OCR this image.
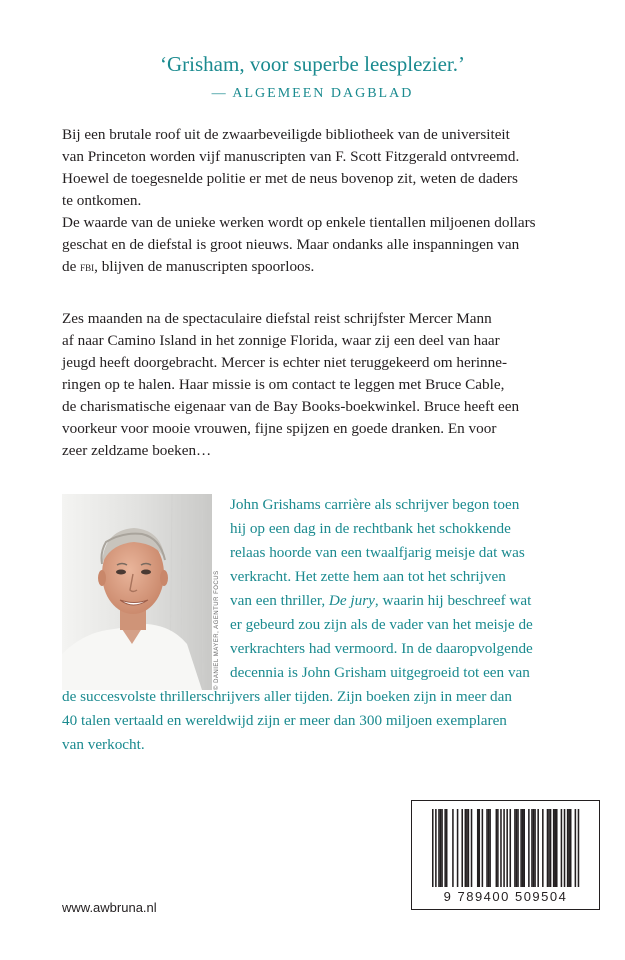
‘Grisham, voor superbe leesplezier.’
— ALGEMEEN DAGBLAD
Bij een brutale roof uit de zwaarbeveiligde bibliotheek van de universiteit
van Princeton worden vijf manuscripten van F. Scott Fitzgerald ontvreemd.
Hoewel de toegesnelde politie er met de neus bovenop zit, weten de daders
te ontkomen.
De waarde van de unieke werken wordt op enkele tientallen miljoenen dollars
geschat en de diefstal is groot nieuws. Maar ondanks alle inspanningen van
de fbi, blijven de manuscripten spoorloos.
Zes maanden na de spectaculaire diefstal reist schrijfster Mercer Mann
af naar Camino Island in het zonnige Florida, waar zij een deel van haar
jeugd heeft doorgebracht. Mercer is echter niet teruggekeerd om herinne-
ringen op te halen. Haar missie is om contact te leggen met Bruce Cable,
de charismatische eigenaar van de Bay Books-boekwinkel. Bruce heeft een
voorkeur voor mooie vrouwen, fijne spijzen en goede dranken. En voor
zeer zeldzame boeken…
© DANIEL MAYER, AGENTUR FOCUS
John Grishams carrière als schrijver begon toen
hij op een dag in de rechtbank het schokkende
relaas hoorde van een twaalfjarig meisje dat was
verkracht. Het zette hem aan tot het schrijven
van een thriller, De jury, waarin hij beschreef wat
er gebeurd zou zijn als de vader van het meisje de
verkrachters had vermoord. In de daaropvolgende
decennia is John Grisham uitgegroeid tot een van
de succesvolste thrillerschrijvers aller tijden. Zijn boeken zijn in meer dan
40 talen vertaald en wereldwijd zijn er meer dan 300 miljoen exemplaren
van verkocht.
www.awbruna.nl
9 789400 509504
